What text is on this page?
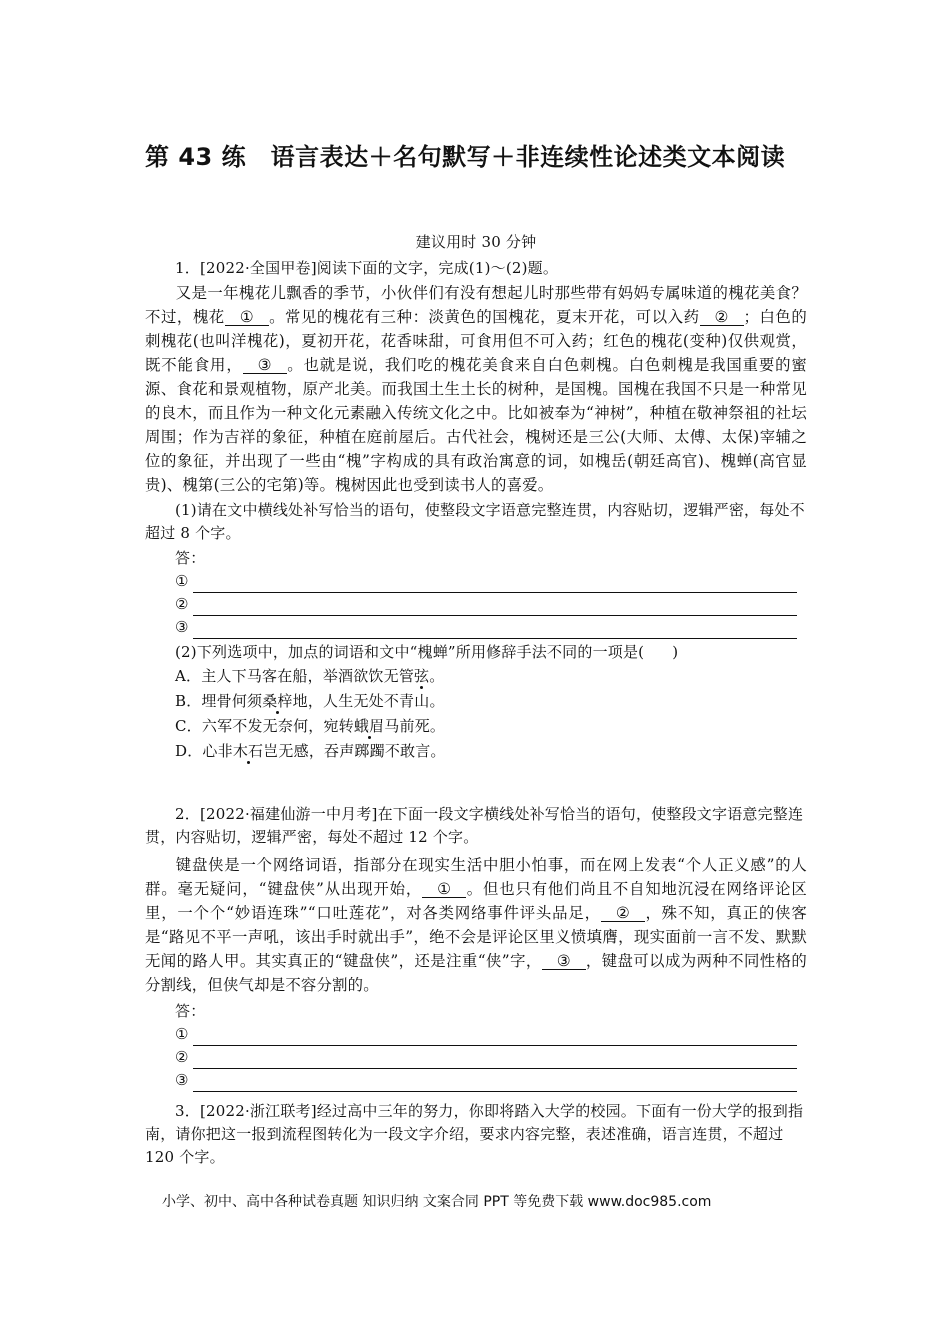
第 43 练　语言表达＋名句默写＋非连续性论述类文本阅读
建议用时 30 分钟

1．[2022·全国甲卷]阅读下面的文字，完成(1)～(2)题。

又是一年槐花儿飘香的季节，小伙伴们有没有想起儿时那些带有妈妈专属味道的槐花美食？不过，槐花 ① 。常见的槐花有三种：淡黄色的国槐花，夏末开花，可以入药 ② ；白色的刺槐花(也叫洋槐花)，夏初开花，花香味甜，可食用但不可入药；红色的槐花(变种)仅供观赏，既不能食用， ③ 。也就是说，我们吃的槐花美食来自白色刺槐。白色刺槐是我国重要的蜜源、食花和景观植物，原产北美。而我国土生土长的树种，是国槐。国槐在我国不只是一种常见的良木，而且作为一种文化元素融入传统文化之中。比如被奉为“神树”，种植在敬神祭祖的社坛周围；作为吉祥的象征，种植在庭前屋后。古代社会，槐树还是三公(大师、太傅、太保)宰辅之位的象征，并出现了一些由“槐”字构成的具有政治寓意的词，如槐岳(朝廷高官)、槐蝉(高官显贵)、槐第(三公的宅第)等。槐树因此也受到读书人的喜爱。

(1)请在文中横线处补写恰当的语句，使整段文字语意完整连贯，内容贴切，逻辑严密，每处不超过 8 个字。

答：

①
②
③

(2)下列选项中，加点的词语和文中“槐蝉”所用修辞手法不同的一项是( )

A．主人下马客在船，举酒欲饮无管弦。

B．埋骨何须桑梓地，人生无处不青山。

C．六军不发无奈何，宛转蛾眉马前死。

D．心非木石岂无感，吞声踯躅不敢言。

2．[2022·福建仙游一中月考]在下面一段文字横线处补写恰当的语句，使整段文字语意完整连贯，内容贴切，逻辑严密，每处不超过 12 个字。

键盘侠是一个网络词语，指部分在现实生活中胆小怕事，而在网上发表“个人正义感”的人群。毫无疑问，“键盘侠”从出现开始， ① 。但也只有他们尚且不自知地沉浸在网络评论区里，一个个“妙语连珠”“口吐莲花”，对各类网络事件评头品足， ② ，殊不知，真正的侠客是“路见不平一声吼，该出手时就出手”，绝不会是评论区里义愤填膺，现实面前一言不发、默默无闻的路人甲。其实真正的“键盘侠”，还是注重“侠”字， ③ ，键盘可以成为两种不同性格的分割线，但侠气却是不容分割的。

答：

①
②
③

3．[2022·浙江联考]经过高中三年的努力，你即将踏入大学的校园。下面有一份大学的报到指南，请你把这一报到流程图转化为一段文字介绍，要求内容完整，表述准确，语言连贯，不超过 120 个字。

小学、初中、高中各种试卷真题 知识归纳 文案合同 PPT 等免费下载 www.doc985.com
